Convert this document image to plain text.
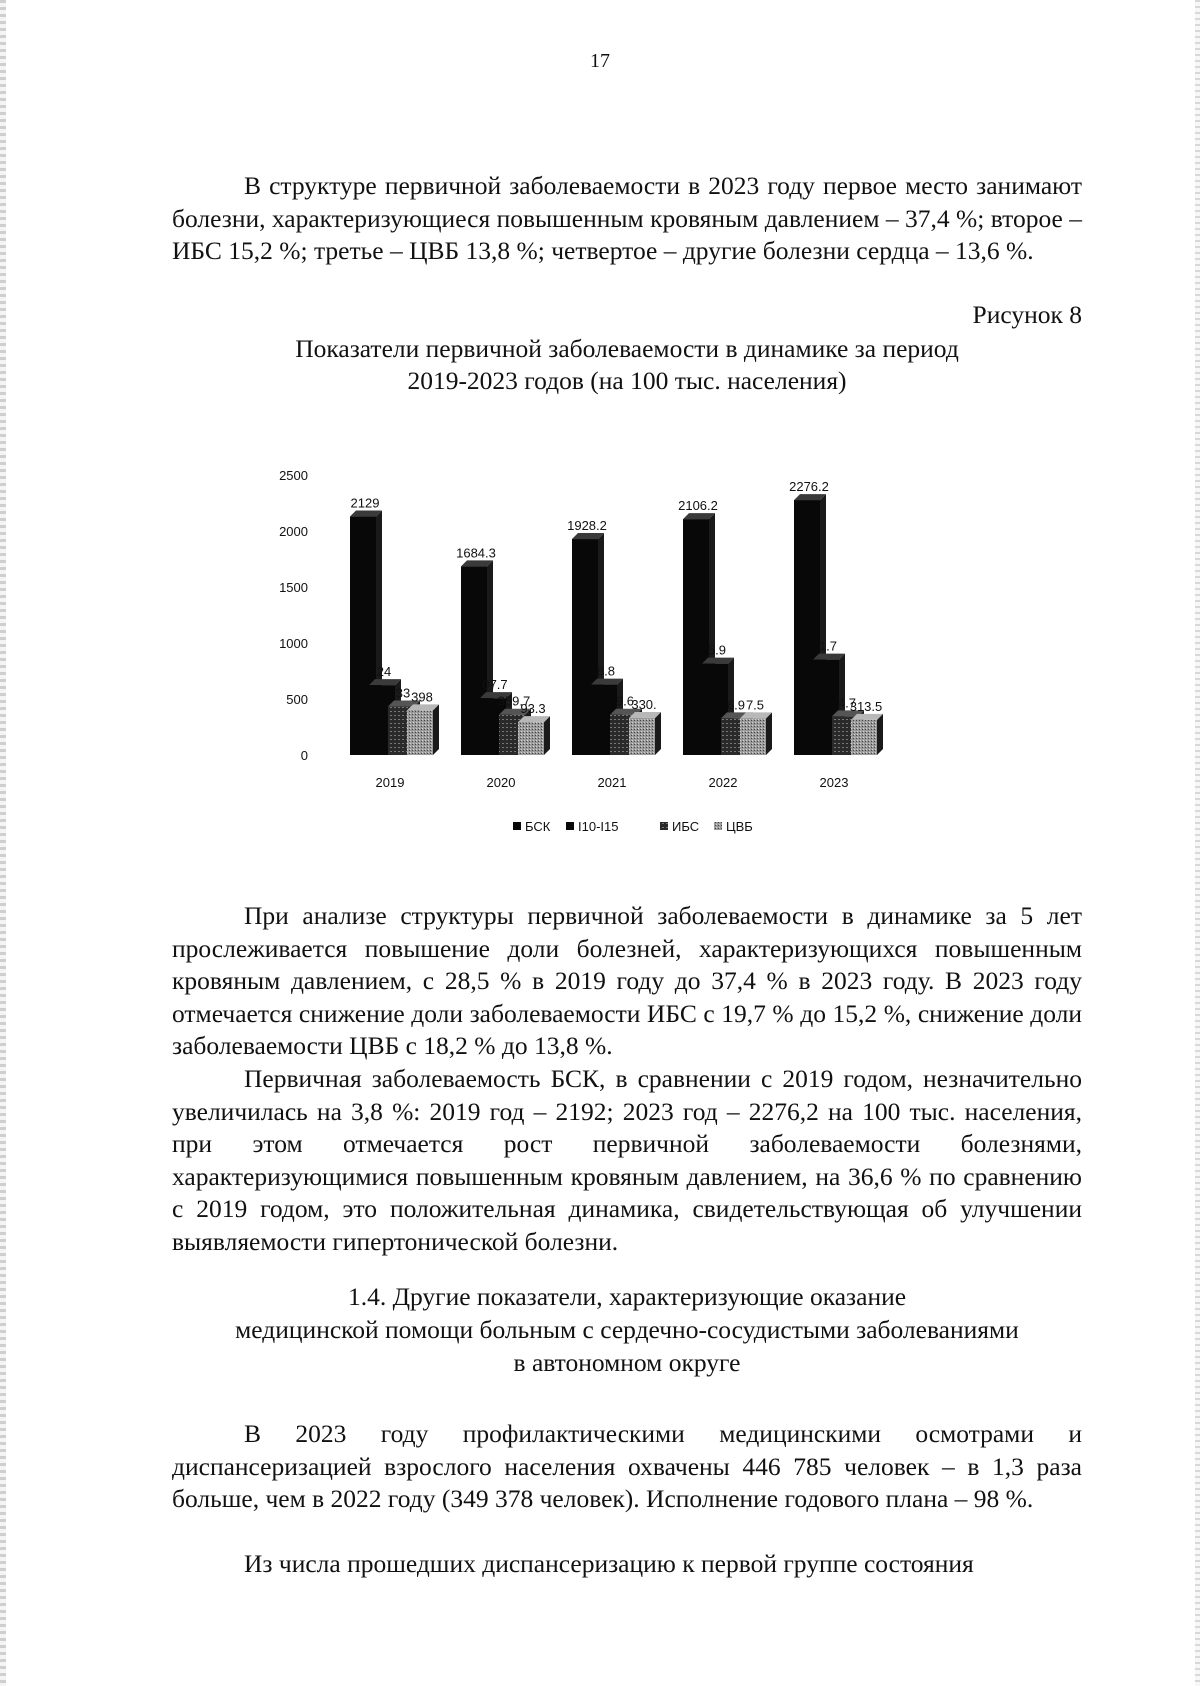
17

В структуре первичной заболеваемости в 2023 году первое место занимают болезни, характеризующиеся повышенным кровяным давлением – 37,4 %; второе – ИБС 15,2 %; третье – ЦВБ 13,8 %; четвертое – другие болезни сердца – 13,6 %.

Рисунок 8
Показатели первичной заболеваемости в динамике за период
2019-2023 годов (на 100 тыс. населения)
0
500
1000
1500
2000
2500
2129
24
33 398
1684.3
07.7
359.7
93.3
1928.2
8.8
9.6
330.
2106.2
5.9
6.9 7.5
2276.2
1.7
4.7
313.5
2019	2020	2021	2022	2023
БСК I10-I15	ИБС ЦВБ

При анализе структуры первичной заболеваемости в динамике за 5 лет прослеживается повышение доли болезней, характеризующихся повышенным кровяным давлением, с 28,5 % в 2019 году до 37,4 % в 2023 году. В 2023 году отмечается снижение доли заболеваемости ИБС с 19,7 % до 15,2 %, снижение доли заболеваемости ЦВБ с 18,2 % до 13,8 %.

Первичная заболеваемость БСК, в сравнении с 2019 годом, незначительно увеличилась на 3,8 %: 2019 год – 2192; 2023 год – 2276,2 на 100 тыс. населения, при этом отмечается рост первичной заболеваемости болезнями, характеризующимися повышенным кровяным давлением, на 36,6 % по сравнению с 2019 годом, это положительная динамика, свидетельствующая об улучшении выявляемости гипертонической болезни.

1.4. Другие показатели, характеризующие оказание
медицинской помощи больным с сердечно-сосудистыми заболеваниями
в автономном округе

В 2023 году профилактическими медицинскими осмотрами и диспансеризацией взрослого населения охвачены 446 785 человек – в 1,3 раза больше, чем в 2022 году (349 378 человек). Исполнение годового плана – 98 %.

Из числа прошедших диспансеризацию к первой группе состояния
